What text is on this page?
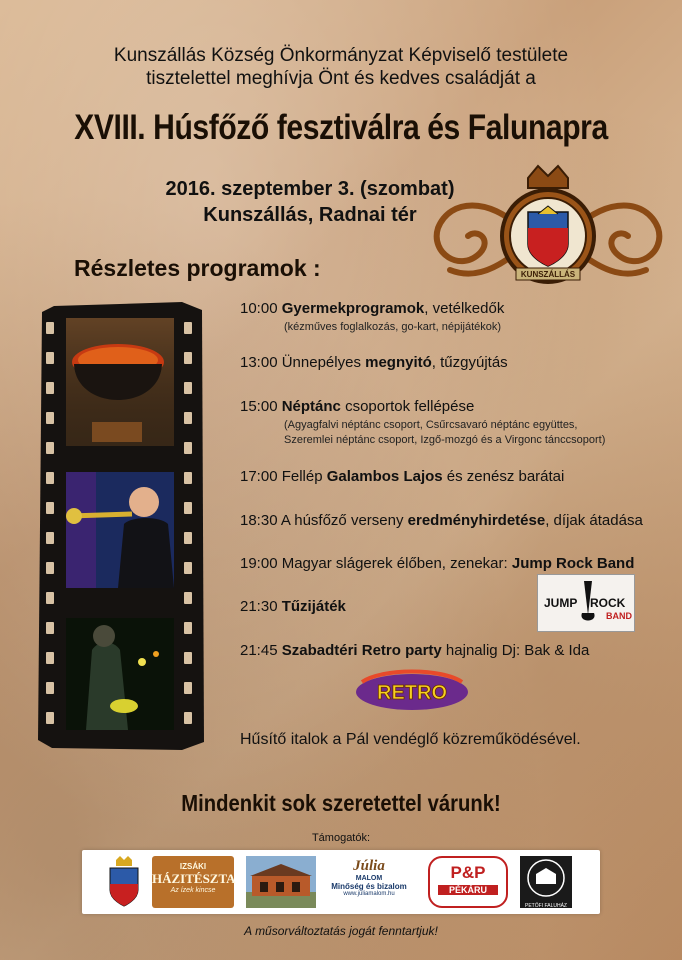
Kunszállás Község Önkormányzat Képviselő testülete
tisztelettel meghívja Önt és kedves családját a
XVIII. Húsfőző fesztiválra és Falunapra
2016. szeptember 3. (szombat)
Kunszállás, Radnai tér
KUNSZÁLLÁS
Részletes programok :
10:00 Gyermekprogramok, vetélkedők
(kézműves foglalkozás, go-kart, népijátékok)
13:00 Ünnepélyes megnyitó, tűzgyújtás
15:00 Néptánc csoportok fellépése
(Agyagfalvi néptánc csoport, Csűrcsavaró néptánc együttes,
Szeremlei néptánc csoport, Izgő-mozgó és a Virgonc tánccsoport)
17:00 Fellép Galambos Lajos és zenész barátai
18:30 A húsfőző verseny eredményhirdetése, díjak átadása
19:00 Magyar slágerek élőben, zenekar: Jump Rock Band
21:30 Tűzijáték
21:45 Szabadtéri Retro party hajnalig Dj: Bak & Ida
JUMP ROCK
BAND
RETRO
Hűsítő italok a Pál vendéglő közreműködésével.
Mindenkit sok szeretettel várunk!
Támogatók:
IZSÁKI
HÁZITÉSZTA
Az ízek kincse
Júlia
MALOM
Minőség és bizalom
www.juliamalom.hu
P&P
PÉKÁRU
PETŐFI FALUHÁZ
A műsorváltoztatás jogát fenntartjuk!
